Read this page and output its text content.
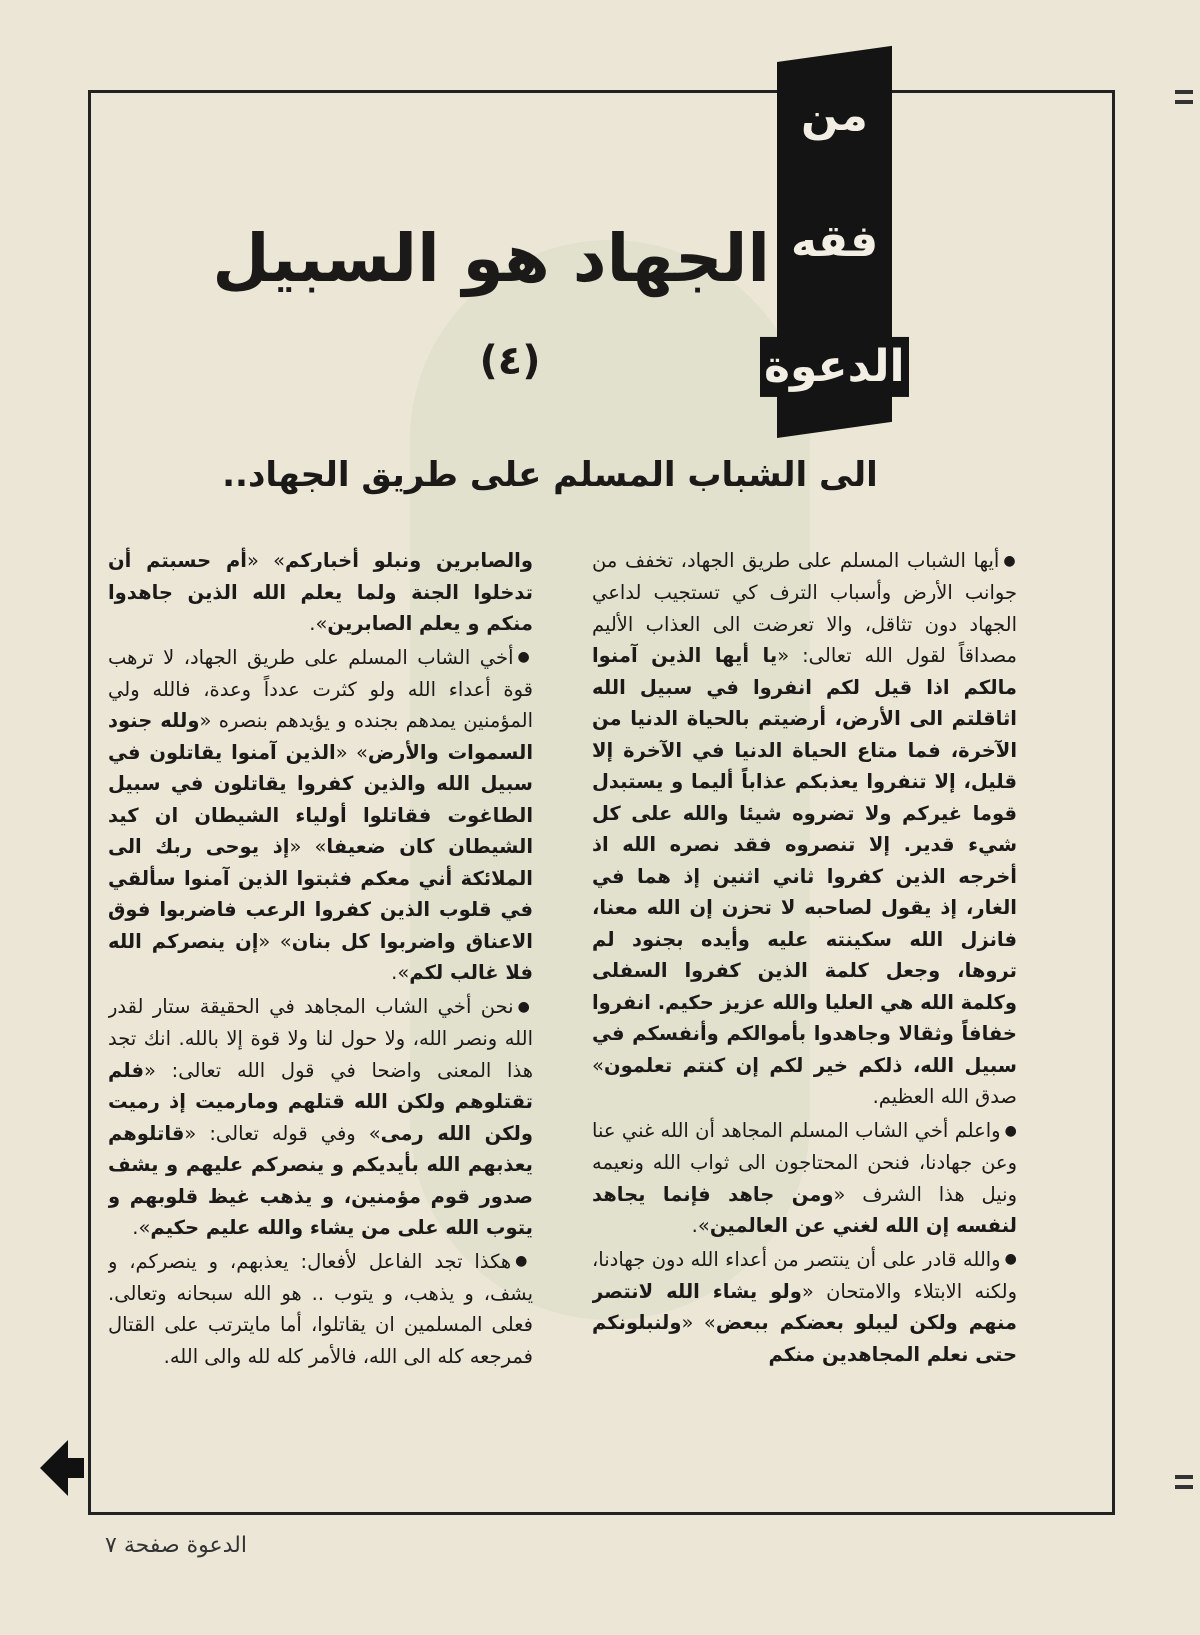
من
فقه
الدعوة
الجهاد هو السبيل
(٤)
الى الشباب المسلم على طريق الجهاد..

●أيها الشباب المسلم على طريق الجهاد، تخفف من جوانب الأرض وأسباب الترف كي تستجيب لداعي الجهاد دون تثاقل، والا تعرضت الى العذاب الأليم مصداقاً لقول الله تعالى: «يا أيها الذين آمنوا مالكم اذا قيل لكم انفروا في سبيل الله اثاقلتم الى الأرض، أرضيتم بالحياة الدنيا من الآخرة، فما متاع الحياة الدنيا في الآخرة إلا قليل، إلا تنفروا يعذبكم عذاباً أليما و يستبدل قوما غيركم ولا تضروه شيئا والله على كل شيء قدير. إلا تنصروه فقد نصره الله اذ أخرجه الذين كفروا ثاني اثنين إذ هما في الغار، إذ يقول لصاحبه لا تحزن إن الله معنا، فانزل الله سكينته عليه وأيده بجنود لم تروها، وجعل كلمة الذين كفروا السفلى وكلمة الله هي العليا والله عزيز حكيم. انفروا خفافاً وثقالا وجاهدوا بأموالكم وأنفسكم في سبيل الله، ذلكم خير لكم إن كنتم تعلمون» صدق الله العظيم.

●واعلم أخي الشاب المسلم المجاهد أن الله غني عنا وعن جهادنا، فنحن المحتاجون الى ثواب الله ونعيمه ونيل هذا الشرف «ومن جاهد فإنما يجاهد لنفسه إن الله لغني عن العالمين».

●والله قادر على أن ينتصر من أعداء الله دون جهادنا، ولكنه الابتلاء والامتحان «ولو يشاء الله لانتصر منهم ولكن ليبلو بعضكم ببعض» «ولنبلونكم حتى نعلم المجاهدين منكم

والصابرين ونبلو أخباركم» «أم حسبتم أن تدخلوا الجنة ولما يعلم الله الذين جاهدوا منكم و يعلم الصابرين».

●أخي الشاب المسلم على طريق الجهاد، لا ترهب قوة أعداء الله ولو كثرت عدداً وعدة، فالله ولي المؤمنين يمدهم بجنده و يؤيدهم بنصره «ولله جنود السموات والأرض» «الذين آمنوا يقاتلون في سبيل الله والذين كفروا يقاتلون في سبيل الطاغوت فقاتلوا أولياء الشيطان ان كيد الشيطان كان ضعيفا» «إذ يوحى ربك الى الملائكة أني معكم فثبتوا الذين آمنوا سألقي في قلوب الذين كفروا الرعب فاضربوا فوق الاعناق واضربوا كل بنان» «إن ينصركم الله فلا غالب لكم».

●نحن أخي الشاب المجاهد في الحقيقة ستار لقدر الله ونصر الله، ولا حول لنا ولا قوة إلا بالله. انك تجد هذا المعنى واضحا في قول الله تعالى: «فلم تقتلوهم ولكن الله قتلهم ومارميت إذ رميت ولكن الله رمى» وفي قوله تعالى: «قاتلوهم يعذبهم الله بأيديكم و ينصركم عليهم و يشف صدور قوم مؤمنين، و يذهب غيظ قلوبهم و يتوب الله على من يشاء والله عليم حكيم».

●هكذا تجد الفاعل لأفعال: يعذبهم، و ينصركم، و يشف، و يذهب، و يتوب .. هو الله سبحانه وتعالى. فعلى المسلمين ان يقاتلوا، أما مايترتب على القتال فمرجعه كله الى الله، فالأمر كله لله والى الله.

الدعوة صفحة ٧
